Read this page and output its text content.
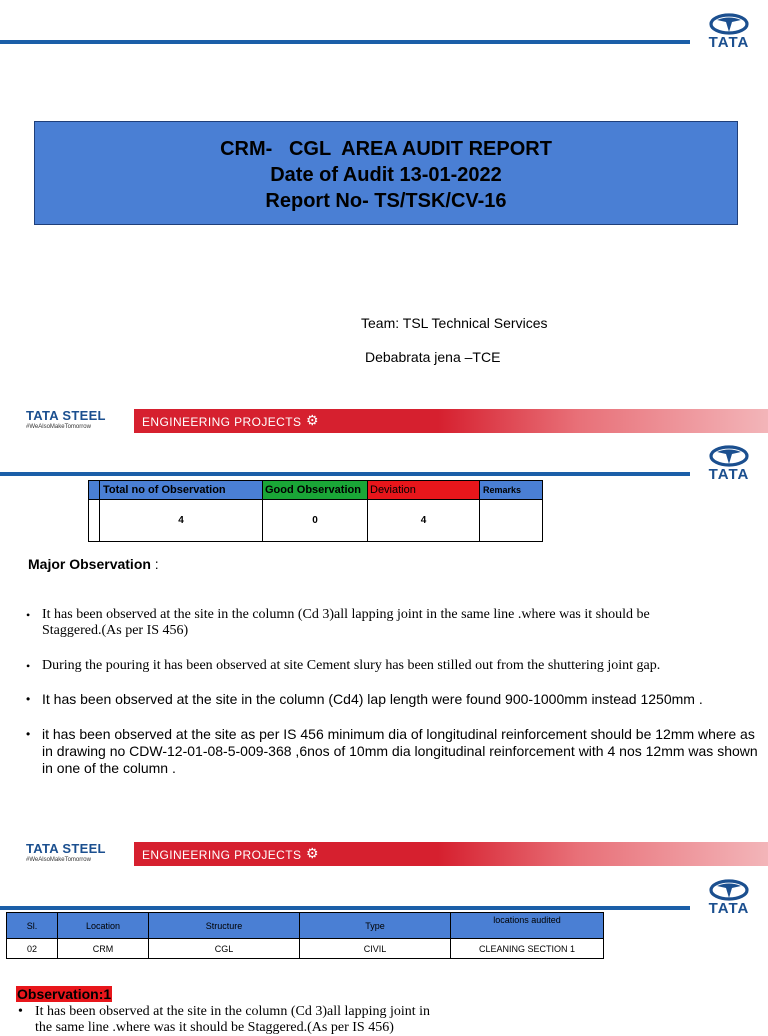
TATA
CRM-   CGL  AREA AUDIT REPORT
Date of Audit 13-01-2022
Report No- TS/TSK/CV-16
Team: TSL Technical Services
Debabrata jena –TCE
TATA STEEL
#WeAlsoMakeTomorrow	ENGINEERING PROJECTS ⚙
TATA
	Total no of Observation	Good Observation	Deviation	Remarks
	4	0	4	
Major Observation :
• It has been observed at the site in the column (Cd 3)all lapping joint in the same line .where was it should be Staggered.(As per IS 456)
• During the pouring it has been observed at site Cement slury has been stilled out from the shuttering joint gap.
• It has been observed at the site in the column (Cd4) lap length were found 900-1000mm instead 1250mm .
• it has been observed at the site as per IS 456 minimum dia of longitudinal reinforcement should be 12mm where as in drawing no CDW-12-01-08-5-009-368 ,6nos of 10mm dia longitudinal reinforcement with 4 nos 12mm was shown in one of the column .
TATA STEEL
#WeAlsoMakeTomorrow	ENGINEERING PROJECTS ⚙
TATA
Sl.	Location	Structure	Type	locations audited
02	CRM	CGL	CIVIL	CLEANING SECTION 1
Observation:1
• It has been observed at the site in the column (Cd 3)all lapping joint in
the same line .where was it should be Staggered.(As per IS 456)
